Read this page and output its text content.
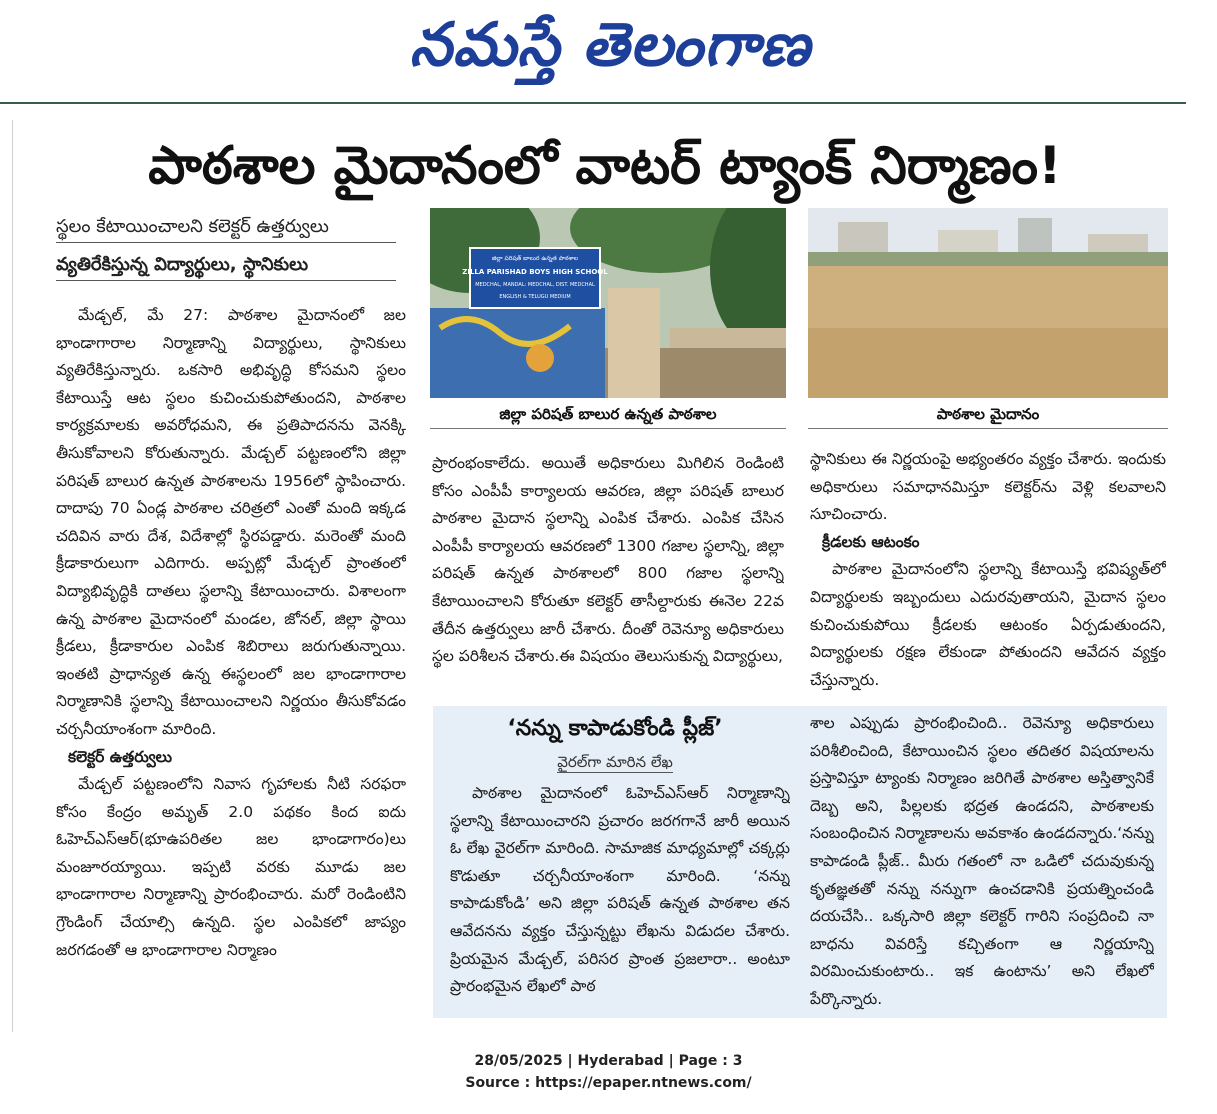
నమస్తే తెలంగాణ
పాఠశాల మైదానంలో వాటర్ ట్యాంక్ నిర్మాణం!
స్థలం కేటాయించాలని కలెక్టర్ ఉత్తర్వులు
వ్యతిరేకిస్తున్న విద్యార్థులు, స్థానికులు

మేడ్చల్, మే 27: పాఠశాల మైదానంలో జల భాండాగారాల నిర్మాణాన్ని విద్యార్థులు, స్థానికులు వ్యతిరేకిస్తున్నారు. ఒకసారి అభివృద్ధి కోసమని స్థలం కేటాయిస్తే ఆట స్థలం కుచించుకుపోతుందని, పాఠశాల కార్యక్రమాలకు అవరోధమని, ఈ ప్రతిపాదనను వెనక్కి తీసుకోవాలని కోరుతున్నారు. మేడ్చల్ పట్టణంలోని జిల్లా పరిషత్ బాలుర ఉన్నత పాఠశాలను 1956లో స్థాపించారు. దాదాపు 70 ఏండ్ల పాఠశాల చరిత్రలో ఎంతో మంది ఇక్కడ చదివిన వారు దేశ, విదేశాల్లో స్థిరపడ్డారు. మరెంతో మంది క్రీడాకారులుగా ఎదిగారు. అప్పట్లో మేడ్చల్ ప్రాంతంలో విద్యాభివృద్ధికి దాతలు స్థలాన్ని కేటాయించారు. విశాలంగా ఉన్న పాఠశాల మైదానంలో మండల, జోనల్, జిల్లా స్థాయి క్రీడలు, క్రీడాకారుల ఎంపిక శిబిరాలు జరుగుతున్నాయి. ఇంతటి ప్రాధాన్యత ఉన్న ఈస్థలంలో జల భాండాగారాల నిర్మాణానికి స్థలాన్ని కేటాయించాలని నిర్ణయం తీసుకోవడం చర్చనీయాంశంగా మారింది.

కలెక్టర్ ఉత్తర్వులు

మేడ్చల్ పట్టణంలోని నివాస గృహాలకు నీటి సరఫరా కోసం కేంద్రం అమృత్ 2.0 పథకం కింద ఐదు ఓహెచ్ఎస్ఆర్(భూఉపరితల జల భాండాగారం)లు మంజూరయ్యాయి. ఇప్పటి వరకు మూడు జల భాండాగారాల నిర్మాణాన్ని ప్రారంభించారు. మరో రెండింటిని గ్రౌండింగ్ చేయాల్సి ఉన్నది. స్థల ఎంపికలో జాప్యం జరగడంతో ఆ భాండాగారాల నిర్మాణం

జిల్లా పరిషత్ బాలుర ఉన్నత పాఠశాల
ZILLA PARISHAD BOYS HIGH SCHOOL
MEDCHAL, MANDAL: MEDCHAL, DIST. MEDCHAL
ENGLISH & TELUGU MEDIUM
జిల్లా పరిషత్ బాలుర ఉన్నత పాఠశాల	పాఠశాల మైదానం

ప్రారంభంకాలేదు. అయితే అధికారులు మిగిలిన రెండింటి కోసం ఎంపీపీ కార్యాలయ ఆవరణ, జిల్లా పరిషత్ బాలుర పాఠశాల మైదాన స్థలాన్ని ఎంపిక చేశారు. ఎంపిక చేసిన ఎంపీపీ కార్యాలయ ఆవరణలో 1300 గజాల స్థలాన్ని, జిల్లా పరిషత్ ఉన్నత పాఠశాలలో 800 గజాల స్థలాన్ని కేటాయించాలని కోరుతూ కలెక్టర్ తాసీల్దారుకు ఈనెల 22వ తేదీన ఉత్తర్వులు జారీ చేశారు. దీంతో రెవెన్యూ అధికారులు స్థల పరిశీలన చేశారు.ఈ విషయం తెలుసుకున్న విద్యార్థులు,

స్థానికులు ఈ నిర్ణయంపై అభ్యంతరం వ్యక్తం చేశారు. ఇందుకు అధికారులు సమాధానమిస్తూ కలెక్టర్‌ను వెళ్లి కలవాలని సూచించారు.

క్రీడలకు ఆటంకం

పాఠశాల మైదానంలోని స్థలాన్ని కేటాయిస్తే భవిష్యత్‌లో విద్యార్థులకు ఇబ్బందులు ఎదురవుతాయని, మైదాన స్థలం కుచించుకుపోయి క్రీడలకు ఆటంకం ఏర్పడుతుందని, విద్యార్థులకు రక్షణ లేకుండా పోతుందని ఆవేదన వ్యక్తం చేస్తున్నారు.

‘నన్ను కాపాడుకోండి ప్లీజ్’
వైరల్‌గా మారిన లేఖ

పాఠశాల మైదానంలో ఓహెచ్ఎస్ఆర్ నిర్మాణాన్ని స్థలాన్ని కేటాయించారని ప్రచారం జరగగానే జారీ అయిన ఓ లేఖ వైరల్‌గా మారింది. సామాజిక మాధ్యమాల్లో చక్కర్లు కొడుతూ చర్చనీయాంశంగా మారింది. ‘నన్ను కాపాడుకోండి’ అని జిల్లా పరిషత్ ఉన్నత పాఠశాల తన ఆవేదనను వ్యక్తం చేస్తున్నట్టు లేఖను విడుదల చేశారు. ప్రియమైన మేడ్చల్, పరిసర ప్రాంత ప్రజలారా.. అంటూ ప్రారంభమైన లేఖలో పాఠ

శాల ఎప్పుడు ప్రారంభించింది.. రెవెన్యూ అధికారులు పరిశీలించింది, కేటాయించిన స్థలం తదితర విషయాలను ప్రస్తావిస్తూ ట్యాంకు నిర్మాణం జరిగితే పాఠశాల అస్తిత్వానికే దెబ్బ అని, పిల్లలకు భద్రత ఉండదని, పాఠశాలకు సంబంధించిన నిర్మాణాలను అవకాశం ఉండదన్నారు.‘నన్ను కాపాడండి ప్లీజ్.. మీరు గతంలో నా ఒడిలో చదువుకున్న కృతజ్ఞతతో నన్ను నన్నుగా ఉంచడానికి ప్రయత్నించండి దయచేసి.. ఒక్కసారి జిల్లా కలెక్టర్ గారిని సంప్రదించి నా బాధను వివరిస్తే కచ్చితంగా ఆ నిర్ణయాన్ని విరమించుకుంటారు.. ఇక ఉంటాను’ అని లేఖలో పేర్కొన్నారు.

28/05/2025 | Hyderabad | Page : 3
Source : https://epaper.ntnews.com/
